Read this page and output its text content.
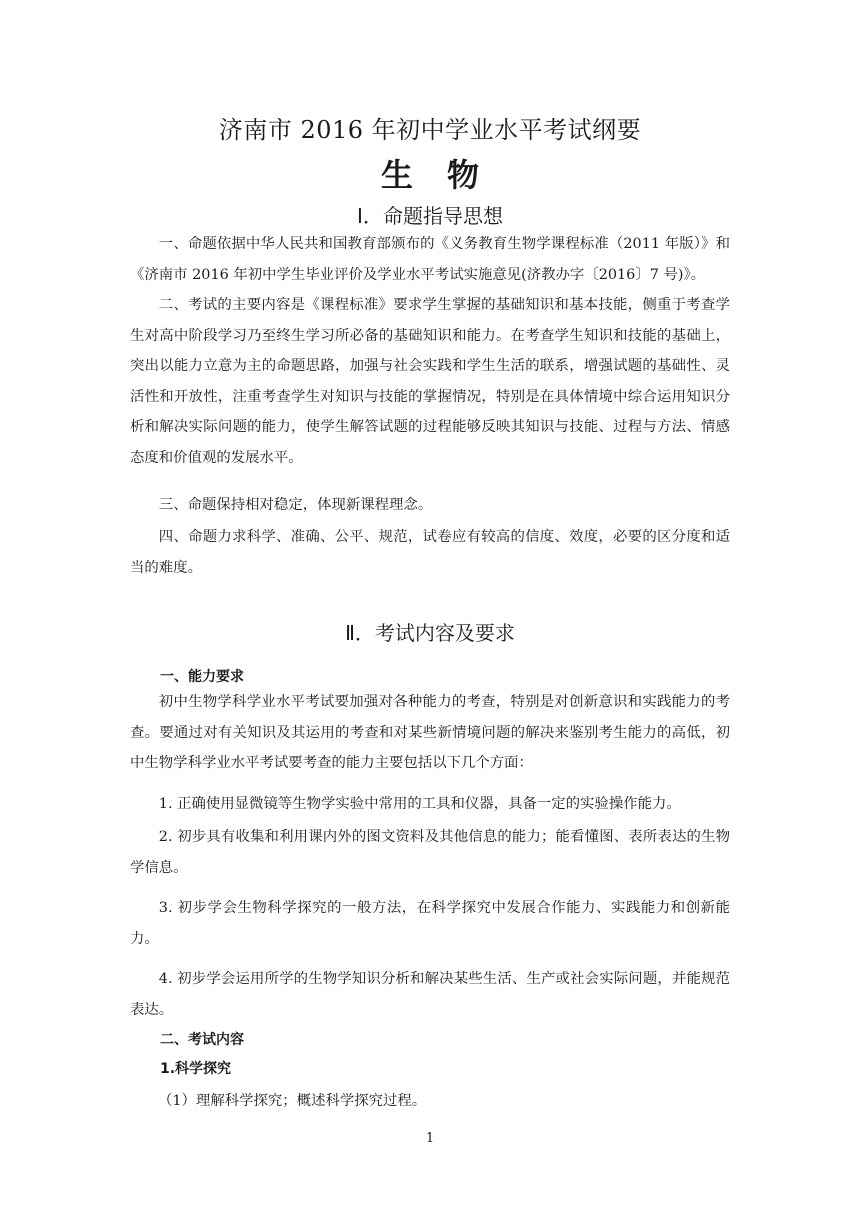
济南市 2016 年初中学业水平考试纲要
生物
Ⅰ．命题指导思想
一、命题依据中华人民共和国教育部颁布的《义务教育生物学课程标准（2011 年版）》和《济南市 2016 年初中学生毕业评价及学业水平考试实施意见(济教办字〔2016〕7 号)》。
二、考试的主要内容是《课程标准》要求学生掌握的基础知识和基本技能，侧重于考查学生对高中阶段学习乃至终生学习所必备的基础知识和能力。在考查学生知识和技能的基础上，突出以能力立意为主的命题思路，加强与社会实践和学生生活的联系，增强试题的基础性、灵活性和开放性，注重考查学生对知识与技能的掌握情况，特别是在具体情境中综合运用知识分析和解决实际问题的能力，使学生解答试题的过程能够反映其知识与技能、过程与方法、情感态度和价值观的发展水平。
三、命题保持相对稳定，体现新课程理念。
四、命题力求科学、准确、公平、规范，试卷应有较高的信度、效度，必要的区分度和适当的难度。
Ⅱ．考试内容及要求
一、能力要求
初中生物学科学业水平考试要加强对各种能力的考查，特别是对创新意识和实践能力的考查。要通过对有关知识及其运用的考查和对某些新情境问题的解决来鉴别考生能力的高低，初中生物学科学业水平考试要考查的能力主要包括以下几个方面：
1. 正确使用显微镜等生物学实验中常用的工具和仪器，具备一定的实验操作能力。
2. 初步具有收集和利用课内外的图文资料及其他信息的能力；能看懂图、表所表达的生物学信息。
3. 初步学会生物科学探究的一般方法，在科学探究中发展合作能力、实践能力和创新能力。
4. 初步学会运用所学的生物学知识分析和解决某些生活、生产或社会实际问题，并能规范表达。
二、考试内容
1.科学探究
（1）理解科学探究；概述科学探究过程。
1
